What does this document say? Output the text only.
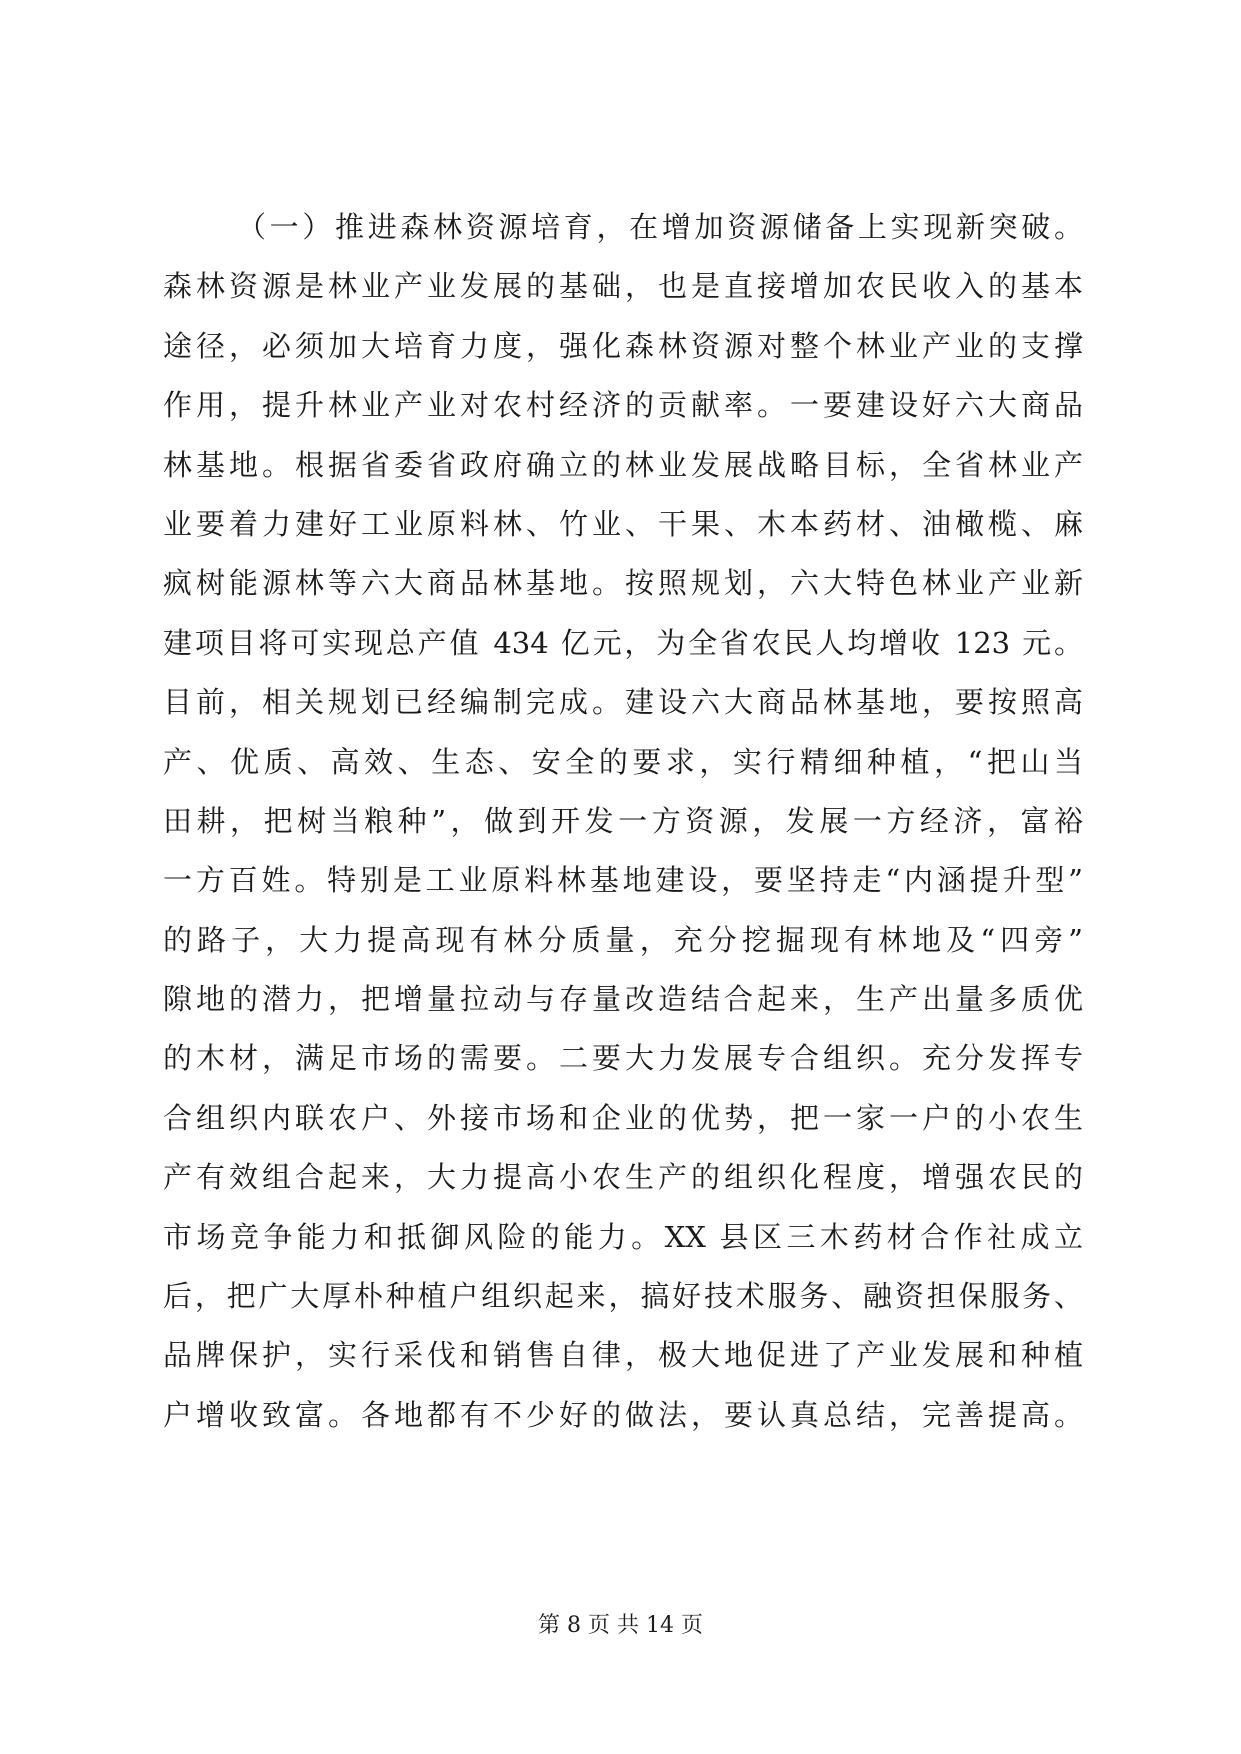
（一）推进森林资源培育，在增加资源储备上实现新突破。
森林资源是林业产业发展的基础，也是直接增加农民收入的基本
途径，必须加大培育力度，强化森林资源对整个林业产业的支撑
作用，提升林业产业对农村经济的贡献率。一要建设好六大商品
林基地。根据省委省政府确立的林业发展战略目标，全省林业产
业要着力建好工业原料林、竹业、干果、木本药材、油橄榄、麻
疯树能源林等六大商品林基地。按照规划，六大特色林业产业新
建项目将可实现总产值 434 亿元，为全省农民人均增收 123 元。
目前，相关规划已经编制完成。建设六大商品林基地，要按照高
产、优质、高效、生态、安全的要求，实行精细种植，“把山当
田耕，把树当粮种”，做到开发一方资源，发展一方经济，富裕
一方百姓。特别是工业原料林基地建设，要坚持走“内涵提升型”
的路子，大力提高现有林分质量，充分挖掘现有林地及“四旁”
隙地的潜力，把增量拉动与存量改造结合起来，生产出量多质优
的木材，满足市场的需要。二要大力发展专合组织。充分发挥专
合组织内联农户、外接市场和企业的优势，把一家一户的小农生
产有效组合起来，大力提高小农生产的组织化程度，增强农民的
市场竞争能力和抵御风险的能力。XX 县区三木药材合作社成立
后，把广大厚朴种植户组织起来，搞好技术服务、融资担保服务、
品牌保护，实行采伐和销售自律，极大地促进了产业发展和种植
户增收致富。各地都有不少好的做法，要认真总结，完善提高。
第 8 页 共 14 页
